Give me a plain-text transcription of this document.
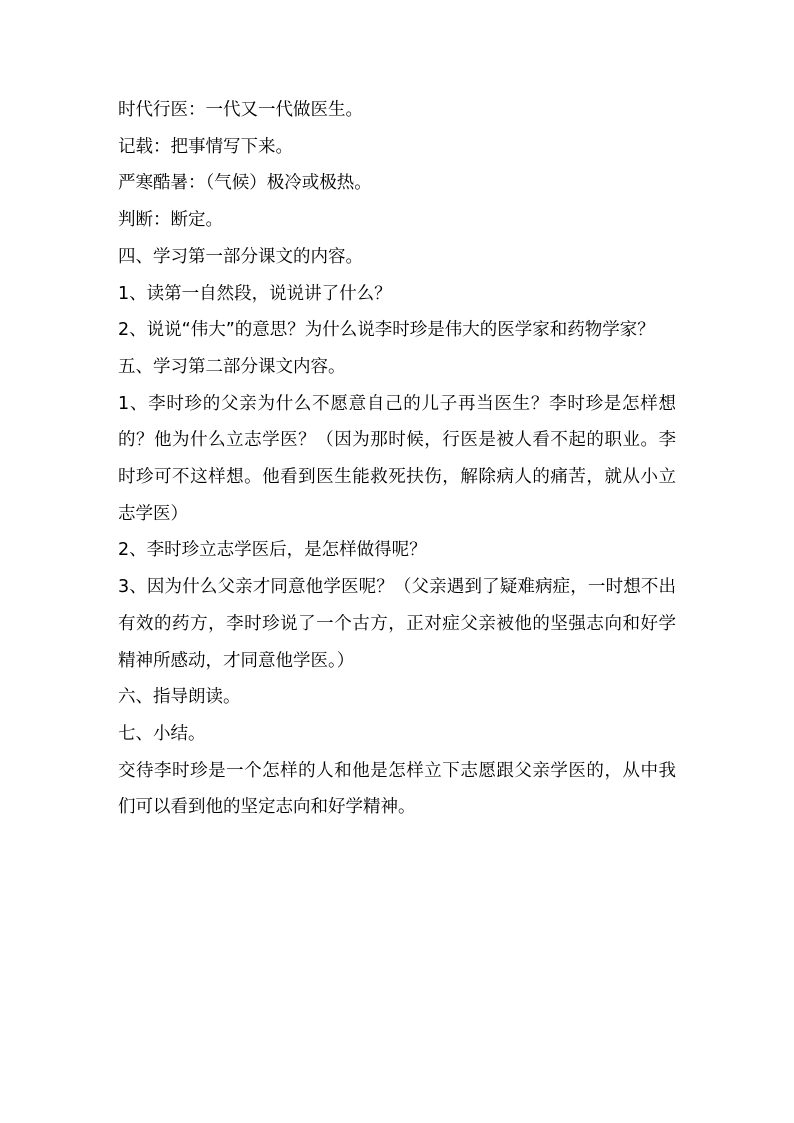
时代行医：一代又一代做医生。

记载：把事情写下来。

严寒酷暑：（气候）极冷或极热。

判断：断定。

四、学习第一部分课文的内容。

1、读第一自然段，说说讲了什么？

2、说说“伟大”的意思？为什么说李时珍是伟大的医学家和药物学家？

五、学习第二部分课文内容。

1、李时珍的父亲为什么不愿意自己的儿子再当医生？李时珍是怎样想的？他为什么立志学医？（因为那时候，行医是被人看不起的职业。李时珍可不这样想。他看到医生能救死扶伤，解除病人的痛苦，就从小立志学医）

2、李时珍立志学医后，是怎样做得呢？

3、因为什么父亲才同意他学医呢？（父亲遇到了疑难病症，一时想不出有效的药方，李时珍说了一个古方，正对症父亲被他的坚强志向和好学精神所感动，才同意他学医。）

六、指导朗读。

七、小结。

交待李时珍是一个怎样的人和他是怎样立下志愿跟父亲学医的，从中我们可以看到他的坚定志向和好学精神。
